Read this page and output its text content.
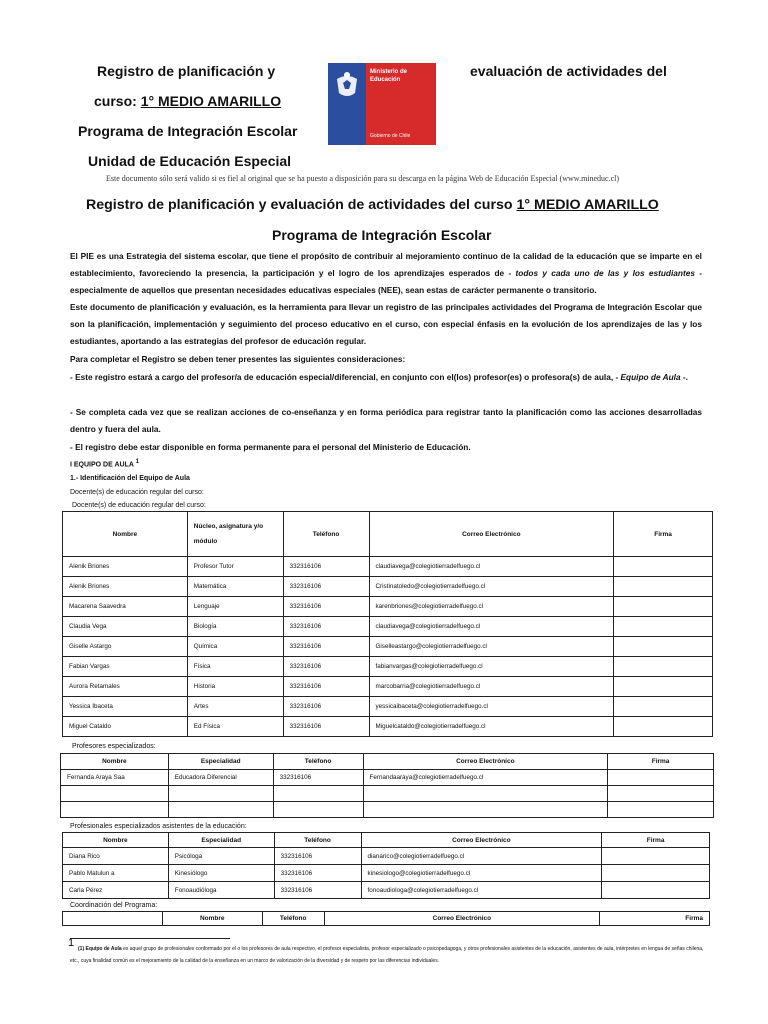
Registro de planificación y	evaluación de actividades del
curso: 1° MEDIO AMARILLO
Programa de Integración Escolar
Unidad de Educación Especial
Ministerio de
Educación
Gobierno de Chile
Este documento sólo será valido si es fiel al original que se ha puesto a disposición para su descarga en la página Web de Educación Especial (www.mineduc.cl)
Registro de planificación y evaluación de actividades del curso 1° MEDIO AMARILLO
Programa de Integración Escolar
El PIE es una Estrategia del sistema escolar, que tiene el propósito de contribuir al mejoramiento continuo de la calidad de la educación que se imparte en el establecimiento, favoreciendo la presencia, la participación y el logro de los aprendizajes esperados de - todos y cada uno de las y los estudiantes - especialmente de aquellos que presentan necesidades educativas especiales (NEE), sean estas de carácter permanente o transitorio.
Este documento de planificación y evaluación, es la herramienta para llevar un registro de las principales actividades del Programa de Integración Escolar que son la planificación, implementación y seguimiento del proceso educativo en el curso, con especial énfasis en la evolución de los aprendizajes de las y los estudiantes, aportando a las estrategias del profesor de educación regular.
Para completar el Registro se deben tener presentes las siguientes consideraciones:
- Este registro estará a cargo del profesor/a de educación especial/diferencial, en conjunto con el(los) profesor(es) o profesora(s) de aula, - Equipo de Aula -.
- Se completa cada vez que se realizan acciones de co-enseñanza y en forma periódica para registrar tanto la planificación como las acciones desarrolladas dentro y fuera del aula.
- El registro debe estar disponible en forma permanente para el personal del Ministerio de Educación.
I EQUIPO DE AULA $^1$
1.- Identificación del Equipo de Aula
Docente(s) de educación regular del curso:
Docente(s) de educación regular del curso:
Nombre	Núcleo, asignatura y/o módulo	Teléfono	Correo Electrónico	Firma
Alenik Briones	Profesor Tutor	332316106	claudiavega@colegiotierradelfuego.cl	
Alenik Briones	Matemática	332316106	Cristinatoledo@colegiotierradelfuego.cl	
Macarena Saavedra	Lenguaje	332316106	karenbriones@colegiotierradelfuego.cl	
Claudia Vega	Biología	332316106	claudiavega@colegiotierradelfuego.cl	
Giselle Astargo	Química	332316106	Giselleastargo@colegiotierradelfuego.cl	
Fabian Vargas	Física	332316106	fabianvargas@colegiotierradelfuego.cl	
Aurora Retamales	Historia	332316106	marcobarria@colegiotierradelfuego.cl	
Yessica Ibaceta	Artes	332316106	yessicaibaceta@colegiotierradelfuego.cl	
Miguel Cataldo	Ed Física	332316106	Miguelcataldo@colegiotierradelfuego.cl	
Profesores especializados:
Nombre	Especialidad	Teléfono	Correo Electrónico	Firma
Fernanda Araya Saa	Educadora Diferencial	332316106	Fernandaaraya@colegiotierradelfuego.cl	

Profesionales especializados asistentes de la educación:
Nombre	Especialidad	Teléfono	Correo Electrónico	Firma
Diana Rico	Psicóloga	332316106	dianarico@colegiotierradelfuego.cl	
Pablo Matulun a	Kinesiólogo	332316106	kinesiologo@colegiotierradelfuego.cl	
Carla Pérez	Fonoaudióloga	332316106	fonoaudiologa@colegiotierradelfuego.cl	
Coordinación del Programa:
	Nombre	Teléfono	Correo Electrónico	Firma
1 (1) Equipo de Aula es aquel grupo de profesionales conformado por el o los profesores de aula respectivo, el profesor especialista, profesor especializado o psicopedagoga, y otros profesionales asistentes de la educación, asistentes de aula, intérpretes en lengua de señas chilena, etc., cuya finalidad común es el mejoramiento de la calidad de la enseñanza en un marco de valorización de la diversidad y de respeto por las diferencias individuales.
